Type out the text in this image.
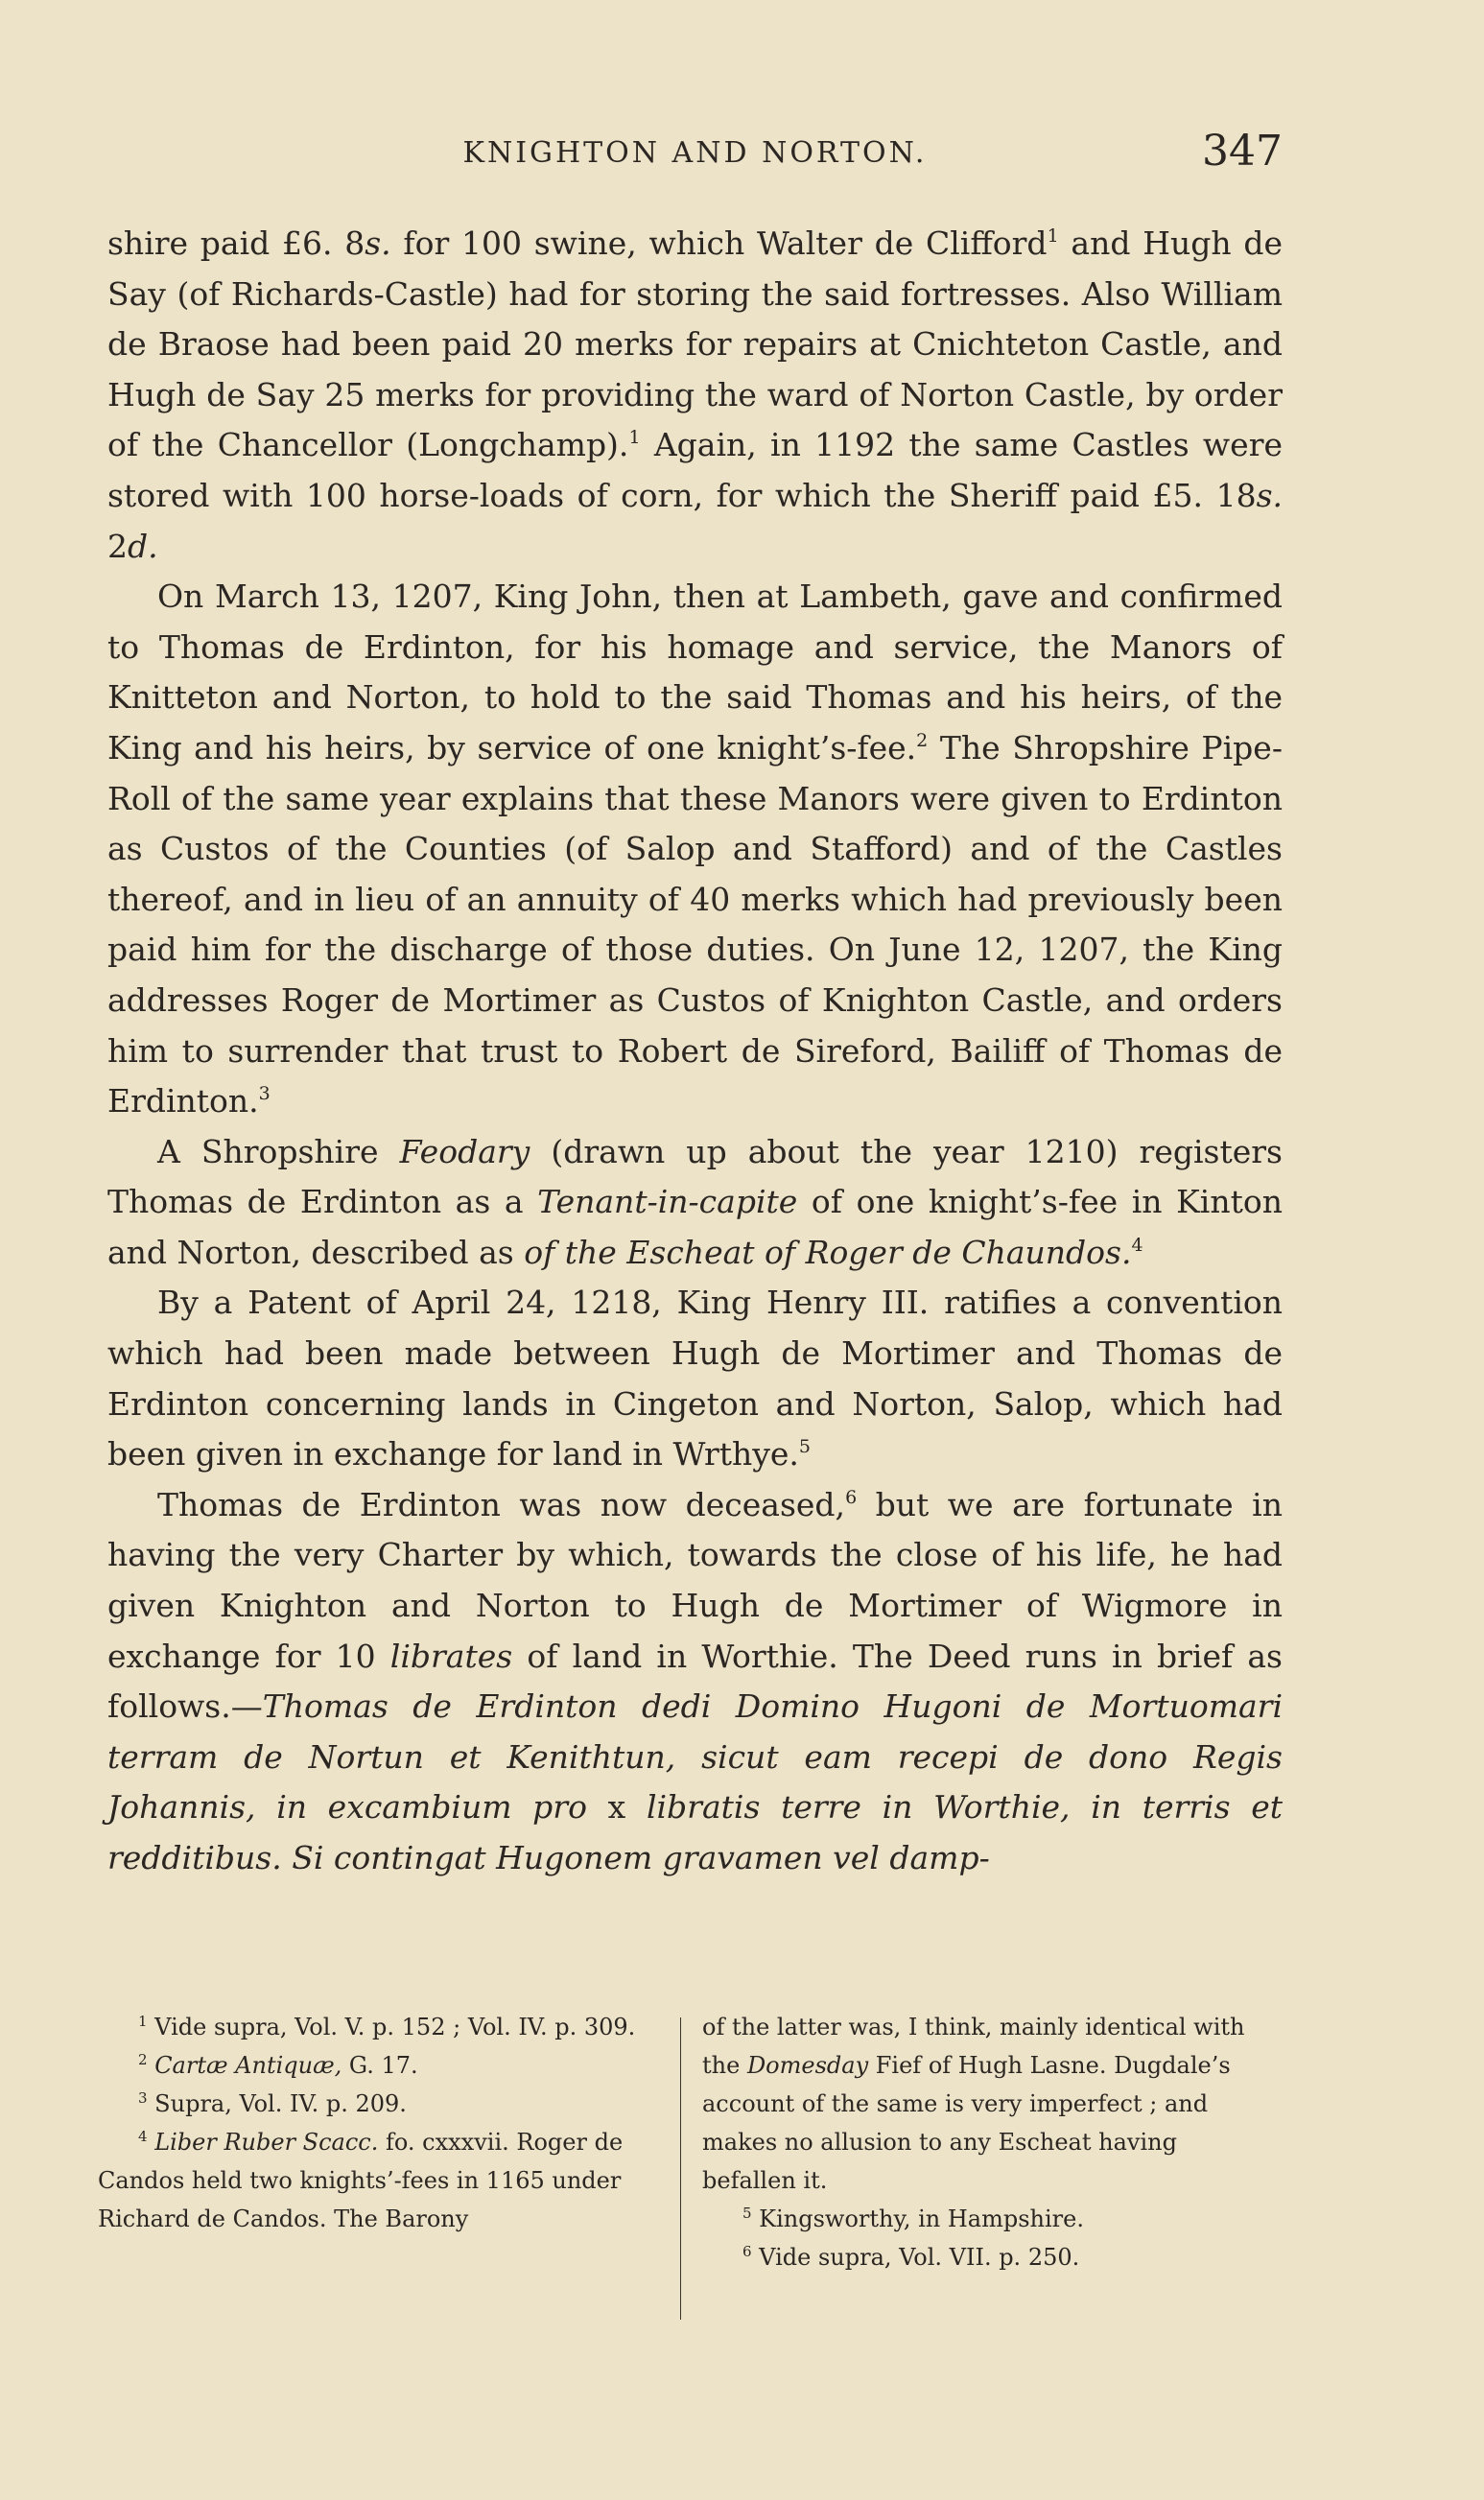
KNIGHTON AND NORTON.	347

shire paid £6. 8s. for 100 swine, which Walter de Clifford$^1$ and Hugh de Say (of Richards-Castle) had for storing the said fortresses. Also William de Braose had been paid 20 merks for repairs at Cnichteton Castle, and Hugh de Say 25 merks for providing the ward of Norton Castle, by order of the Chancellor (Longchamp).$^1$ Again, in 1192 the same Castles were stored with 100 horse-loads of corn, for which the Sheriff paid £5. 18s. 2d.

On March 13, 1207, King John, then at Lambeth, gave and confirmed to Thomas de Erdinton, for his homage and service, the Manors of Knitteton and Norton, to hold to the said Thomas and his heirs, of the King and his heirs, by service of one knight’s-fee.$^2$ The Shropshire Pipe-Roll of the same year explains that these Manors were given to Erdinton as Custos of the Counties (of Salop and Stafford) and of the Castles thereof, and in lieu of an annuity of 40 merks which had previously been paid him for the discharge of those duties. On June 12, 1207, the King addresses Roger de Mortimer as Custos of Knighton Castle, and orders him to surrender that trust to Robert de Sireford, Bailiff of Thomas de Erdinton.$^3$

A Shropshire Feodary (drawn up about the year 1210) registers Thomas de Erdinton as a Tenant-in-capite of one knight’s-fee in Kinton and Norton, described as of the Escheat of Roger de Chaundos.$^4$

By a Patent of April 24, 1218, King Henry III. ratifies a convention which had been made between Hugh de Mortimer and Thomas de Erdinton concerning lands in Cingeton and Norton, Salop, which had been given in exchange for land in Wrthye.$^5$

Thomas de Erdinton was now deceased,$^6$ but we are fortunate in having the very Charter by which, towards the close of his life, he had given Knighton and Norton to Hugh de Mortimer of Wigmore in exchange for 10 librates of land in Worthie. The Deed runs in brief as follows.—Thomas de Erdinton dedi Domino Hugoni de Mortuomari terram de Nortun et Kenithtun, sicut eam recepi de dono Regis Johannis, in excambium pro x libratis terre in Worthie, in terris et redditibus. Si contingat Hugonem gravamen vel damp-

$^1$ Vide supra, Vol. V. p. 152 ; Vol. IV. p. 309.
$^2$ Cartæ Antiquæ, G. 17.
$^3$ Supra, Vol. IV. p. 209.
$^4$ Liber Ruber Scacc. fo. cxxxvii. Roger de Candos held two knights’-fees in 1165 under Richard de Candos. The Barony
of the latter was, I think, mainly identical with the Domesday Fief of Hugh Lasne. Dugdale’s account of the same is very imperfect ; and makes no allusion to any Escheat having befallen it.
$^5$ Kingsworthy, in Hampshire.
$^6$ Vide supra, Vol. VII. p. 250.
